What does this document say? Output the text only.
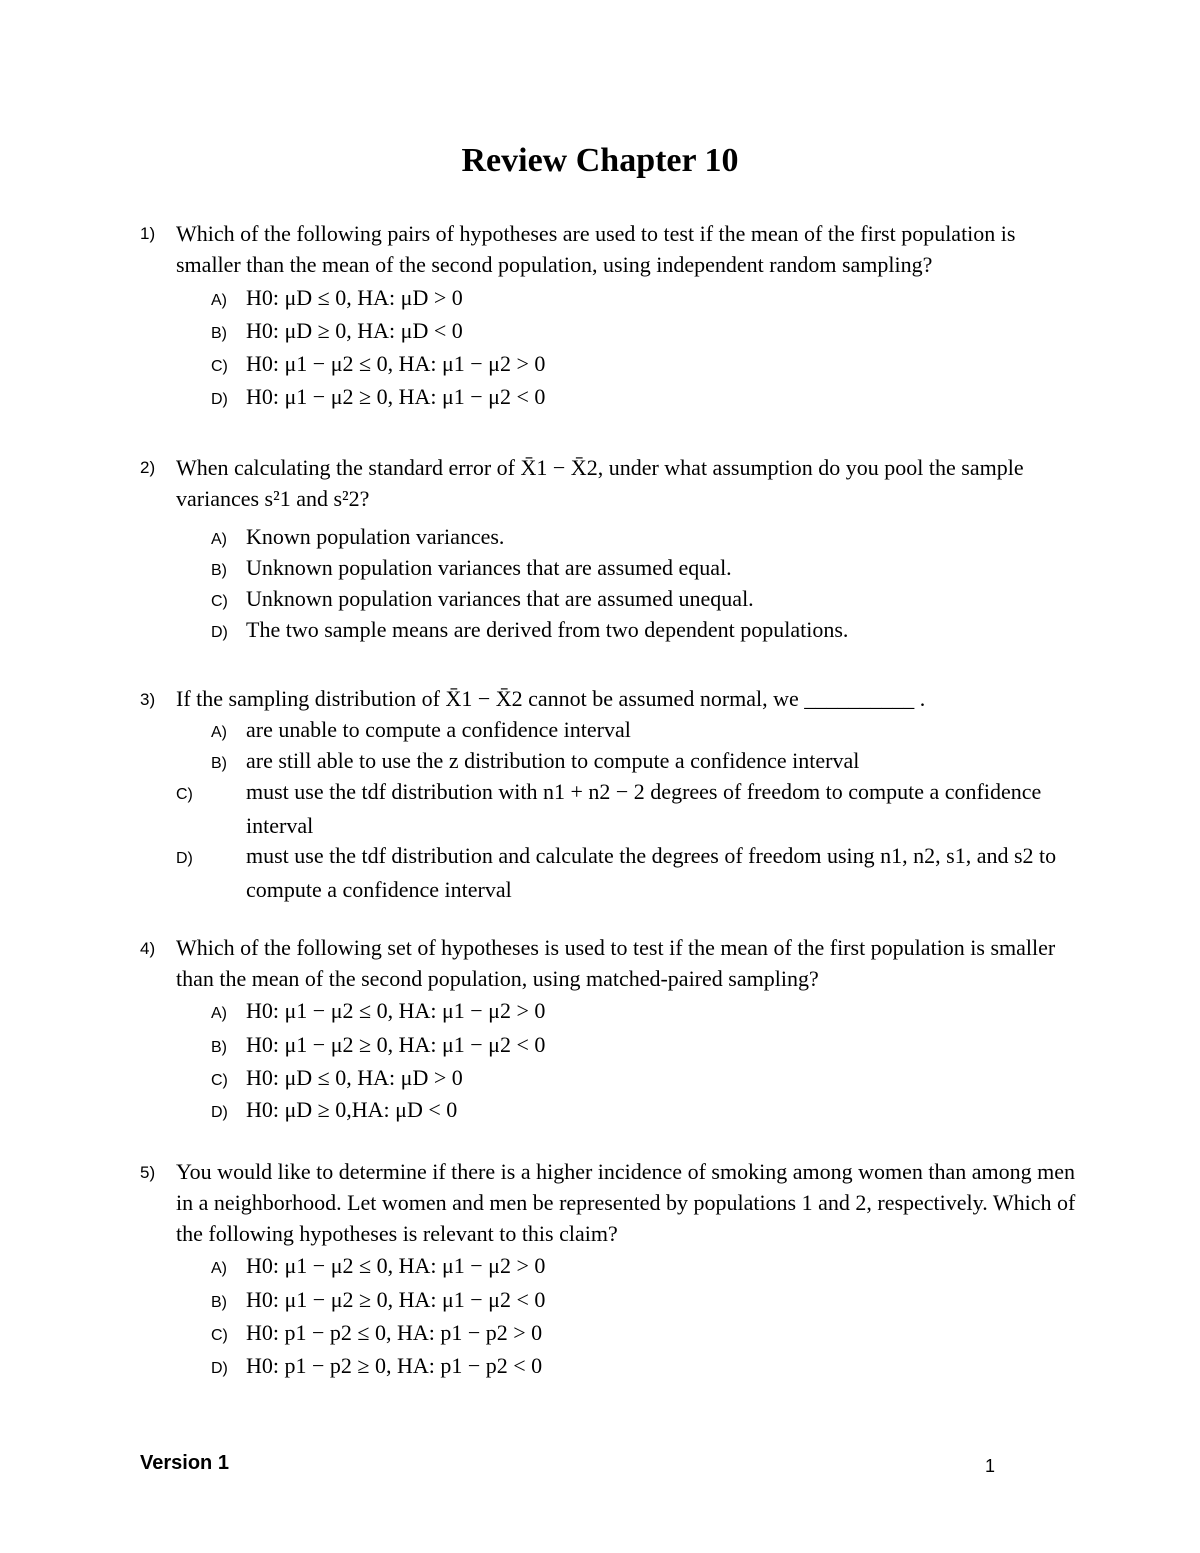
Review Chapter 10
1) Which of the following pairs of hypotheses are used to test if the mean of the first population is smaller than the mean of the second population, using independent random sampling?
A) H0: μD ≤ 0, HA: μD > 0
B) H0: μD ≥ 0, HA: μD < 0
C) H0: μ1 − μ2 ≤ 0, HA: μ1 − μ2 > 0
D) H0: μ1 − μ2 ≥ 0, HA: μ1 − μ2 < 0
2) When calculating the standard error of X̄1 − X̄2, under what assumption do you pool the sample variances s²1 and s²2?
A) Known population variances.
B) Unknown population variances that are assumed equal.
C) Unknown population variances that are assumed unequal.
D) The two sample means are derived from two dependent populations.
3) If the sampling distribution of X̄1 − X̄2 cannot be assumed normal, we __________ .
A) are unable to compute a confidence interval
B) are still able to use the z distribution to compute a confidence interval
C) must use the tdf distribution with n1 + n2 − 2 degrees of freedom to compute a confidence interval
D) must use the tdf distribution and calculate the degrees of freedom using n1, n2, s1, and s2 to compute a confidence interval
4) Which of the following set of hypotheses is used to test if the mean of the first population is smaller than the mean of the second population, using matched-paired sampling?
A) H0: μ1 − μ2 ≤ 0, HA: μ1 − μ2 > 0
B) H0: μ1 − μ2 ≥ 0, HA: μ1 − μ2 < 0
C) H0: μD ≤ 0, HA: μD > 0
D) H0: μD ≥ 0,HA: μD < 0
5) You would like to determine if there is a higher incidence of smoking among women than among men in a neighborhood. Let women and men be represented by populations 1 and 2, respectively. Which of the following hypotheses is relevant to this claim?
A) H0: μ1 − μ2 ≤ 0, HA: μ1 − μ2 > 0
B) H0: μ1 − μ2 ≥ 0, HA: μ1 − μ2 < 0
C) H0: p1 − p2 ≤ 0, HA: p1 − p2 > 0
D) H0: p1 − p2 ≥ 0, HA: p1 − p2 < 0
Version 1	1
